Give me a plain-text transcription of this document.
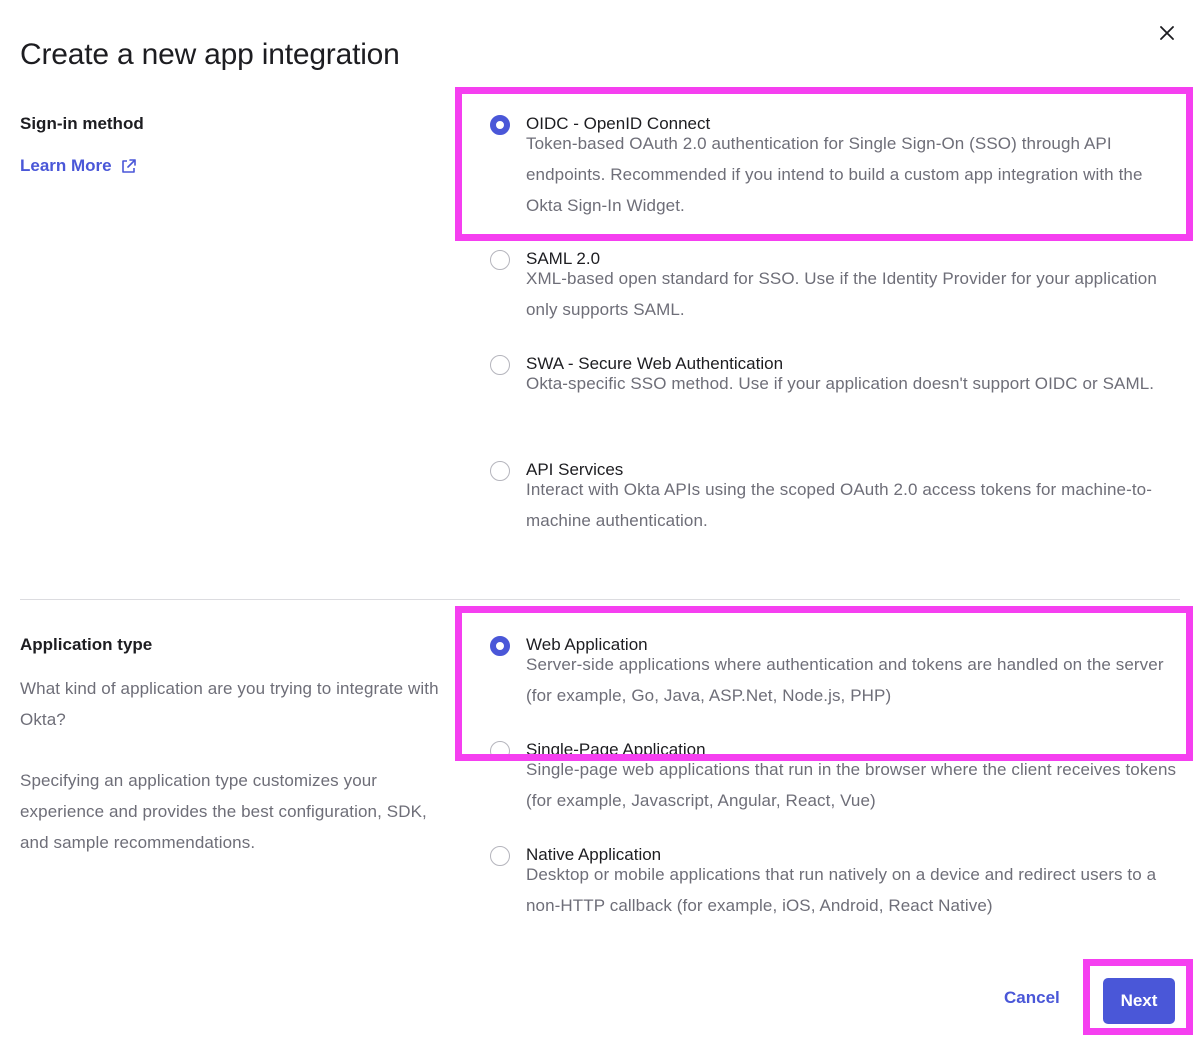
Create a new app integration
Sign-in method
Learn More
OIDC - OpenID Connect

Token-based OAuth 2.0 authentication for Single Sign-On (SSO) through API endpoints. Recommended if you intend to build a custom app integration with the Okta Sign-In Widget.

SAML 2.0

XML-based open standard for SSO. Use if the Identity Provider for your application only supports SAML.

SWA - Secure Web Authentication

Okta-specific SSO method. Use if your application doesn't support OIDC or SAML.

API Services

Interact with Okta APIs using the scoped OAuth 2.0 access tokens for machine-to-machine authentication.

Application type

What kind of application are you trying to integrate with Okta?

Specifying an application type customizes your experience and provides the best configuration, SDK, and sample recommendations.

Web Application

Server-side applications where authentication and tokens are handled on the server (for example, Go, Java, ASP.Net, Node.js, PHP)

Single-Page Application

Single-page web applications that run in the browser where the client receives tokens (for example, Javascript, Angular, React, Vue)

Native Application

Desktop or mobile applications that run natively on a device and redirect users to a non-HTTP callback (for example, iOS, Android, React Native)

Cancel	Next
